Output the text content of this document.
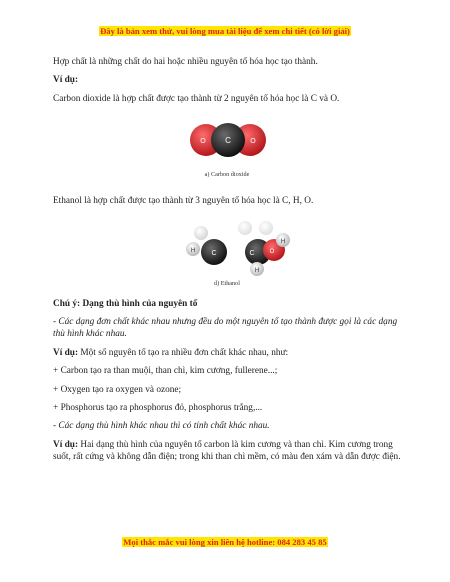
Đây là bản xem thử, vui lòng mua tài liệu để xem chi tiết (có lời giải)

Hợp chất là những chất do hai hoặc nhiều nguyên tố hóa học tạo thành.

Ví dụ:

Carbon dioxide là hợp chất được tạo thành từ 2 nguyên tố hóa học là C và O.

C
O	O
a) Carbon dioxide

Ethanol là hợp chất được tạo thành từ 3 nguyên tố hóa học là C, H, O.

H C	C	O
H
H
d) Ethanol

Chú ý: Dạng thù hình của nguyên tố

- Các dạng đơn chất khác nhau nhưng đều do một nguyên tố tạo thành được gọi là các dạng thù hình khác nhau.

Ví dụ: Một số nguyên tố tạo ra nhiều đơn chất khác nhau, như:

+ Carbon tạo ra than muội, than chì, kim cương, fullerene...;

+ Oxygen tạo ra oxygen và ozone;

+ Phosphorus tạo ra phosphorus đỏ, phosphorus trắng,...

- Các dạng thù hình khác nhau thì có tính chất khác nhau.

Ví dụ: Hai dạng thù hình của nguyên tố carbon là kim cương và than chì. Kim cương trong suốt, rất cứng và không dẫn điện; trong khi than chì mềm, có màu đen xám và dẫn được điện.

Mọi thắc mắc vui lòng xin liên hệ hotline: 084 283 45 85
